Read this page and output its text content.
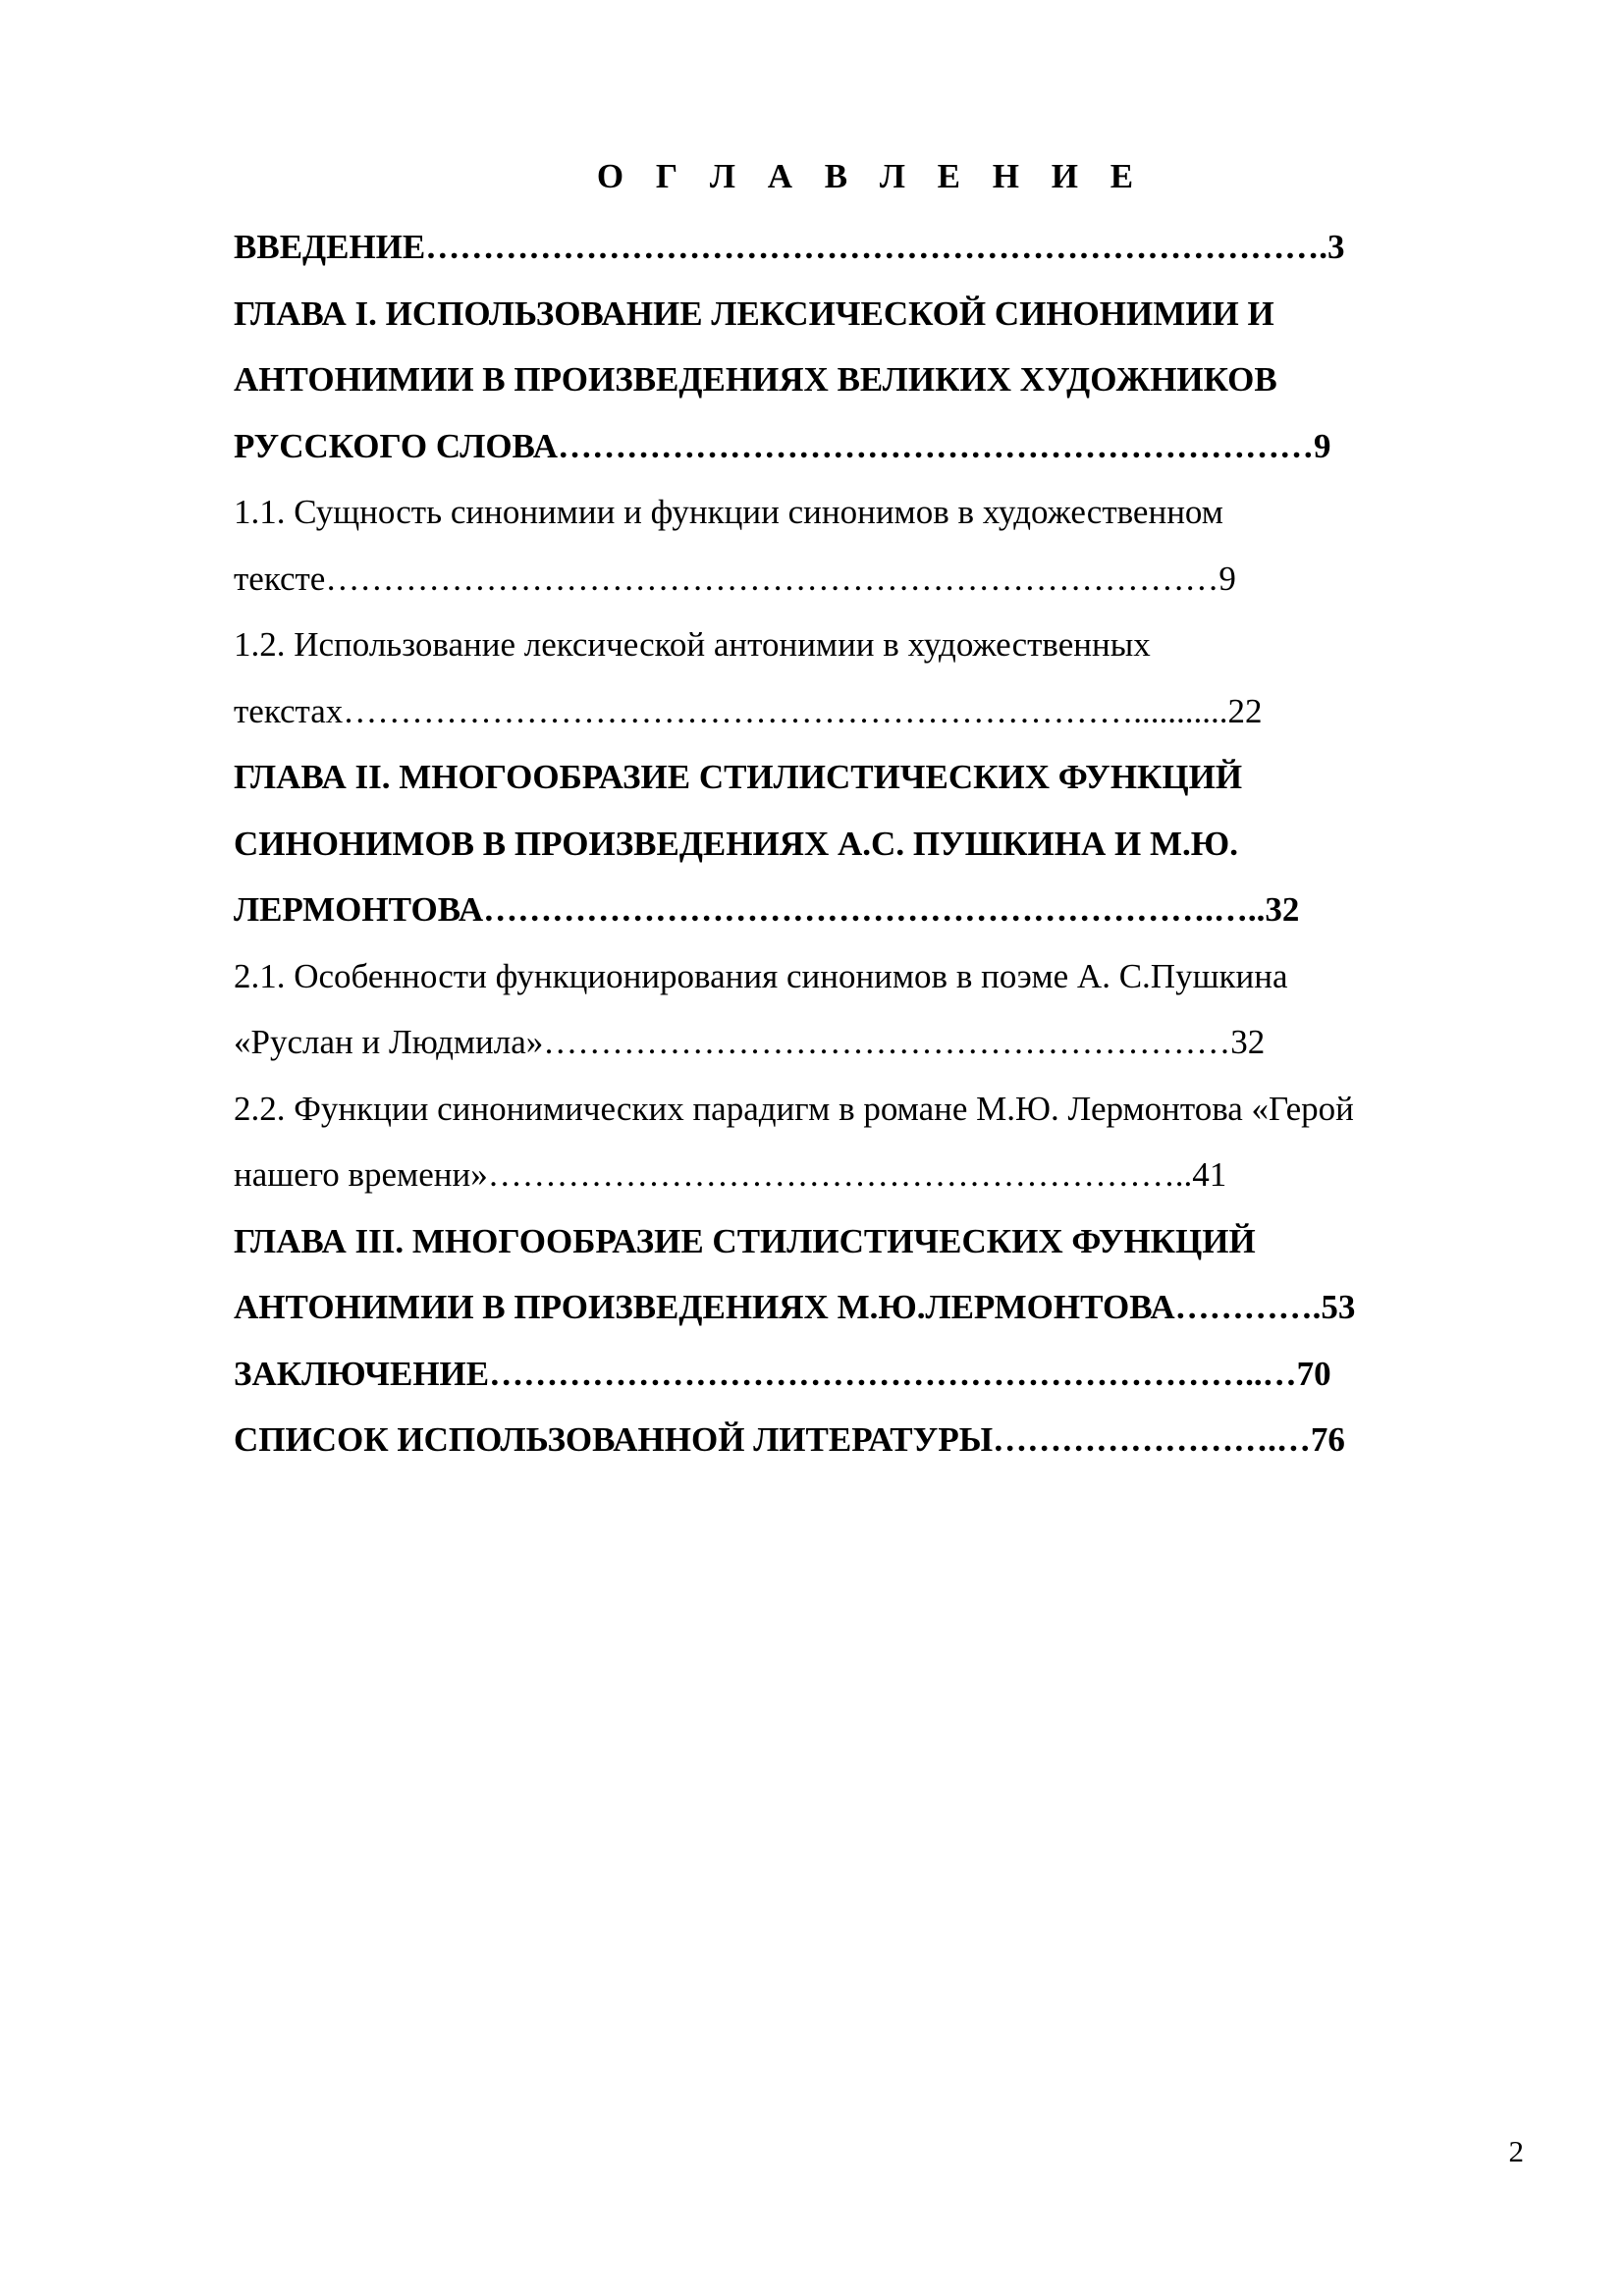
О Г Л А В Л Е Н И Е
ВВЕДЕНИЕ…………………………………………………………………….3
ГЛАВА I. ИСПОЛЬЗОВАНИЕ ЛЕКСИЧЕСКОЙ СИНОНИМИИ И
АНТОНИМИИ В ПРОИЗВЕДЕНИЯХ ВЕЛИКИХ ХУДОЖНИКОВ
РУССКОГО СЛОВА…………………………………………………………9
1.1. Сущность синонимии и функции синонимов в художественном
тексте……………………………………………………………………9
1.2. Использование лексической антонимии в художественных
текстах……………………………………………………………...........22
ГЛАВА II. МНОГООБРАЗИЕ СТИЛИСТИЧЕСКИХ ФУНКЦИЙ
СИНОНИМОВ В ПРОИЗВЕДЕНИЯХ А.С. ПУШКИНА И М.Ю.
ЛЕРМОНТОВА……………………………………………………….…..32
2.1. Особенности функционирования синонимов в поэме А. С.Пушкина
«Руслан и Людмила»……………………………………………………32
2.2. Функции синонимических парадигм в романе М.Ю. Лермонтова «Герой
нашего времени»……………………………………………………..41
ГЛАВА III. МНОГООБРАЗИЕ СТИЛИСТИЧЕСКИХ ФУНКЦИЙ
АНТОНИМИИ В ПРОИЗВЕДЕНИЯХ М.Ю.ЛЕРМОНТОВА………….53
ЗАКЛЮЧЕНИЕ…………………………………………………………..…70
СПИСОК ИСПОЛЬЗОВАННОЙ ЛИТЕРАТУРЫ…………………….…76
2
